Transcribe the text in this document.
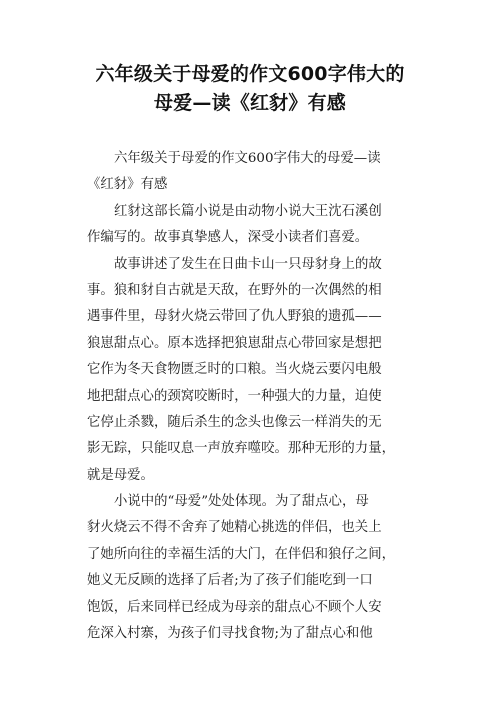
六年级关于母爱的作文600字伟大的
母爱—读《红豺》有感
六年级关于母爱的作文600字伟大的母爱—读
《红豺》有感
红豺这部长篇小说是由动物小说大王沈石溪创
作编写的。故事真挚感人，深受小读者们喜爱。
故事讲述了发生在日曲卡山一只母豺身上的故
事。狼和豺自古就是天敌，在野外的一次偶然的相
遇事件里，母豺火烧云带回了仇人野狼的遗孤——
狼崽甜点心。原本选择把狼崽甜点心带回家是想把
它作为冬天食物匮乏时的口粮。当火烧云要闪电般
地把甜点心的颈窝咬断时，一种强大的力量，迫使
它停止杀戮，随后杀生的念头也像云一样消失的无
影无踪，只能叹息一声放弃噬咬。那种无形的力量，
就是母爱。
小说中的“母爱”处处体现。为了甜点心，母
豺火烧云不得不舍弃了她精心挑选的伴侣，也关上
了她所向往的幸福生活的大门，在伴侣和狼仔之间，
她义无反顾的选择了后者;为了孩子们能吃到一口
饱饭，后来同样已经成为母亲的甜点心不顾个人安
危深入村寨，为孩子们寻找食物;为了甜点心和他
